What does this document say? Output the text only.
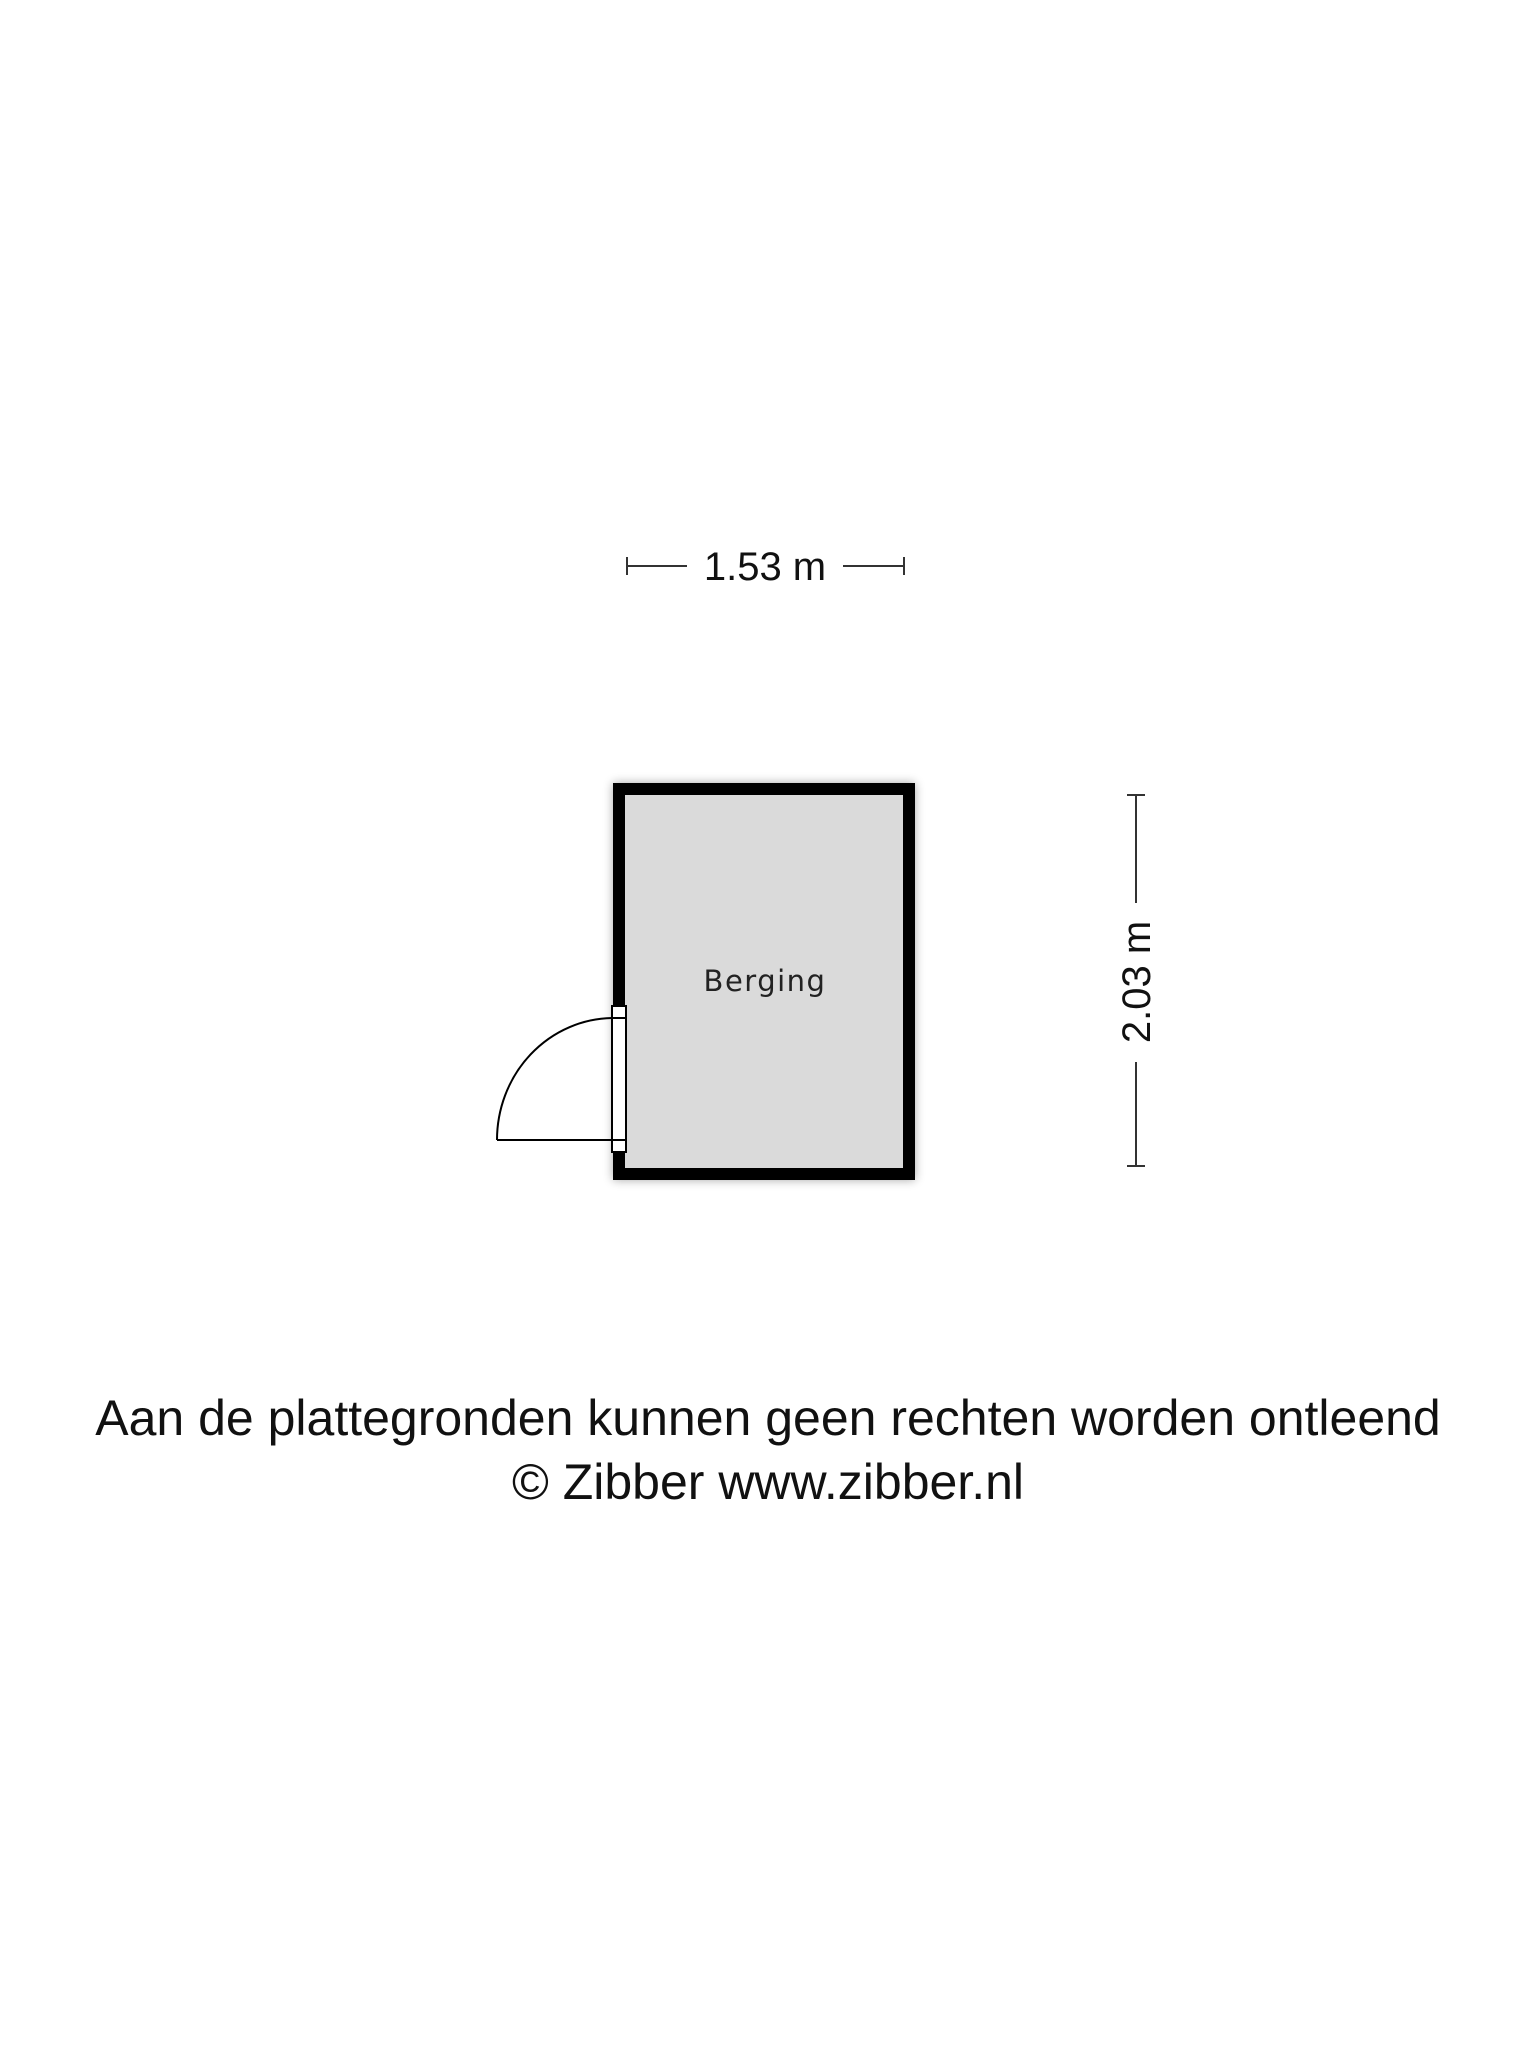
1.53 m
2.03 m
Berging
Aan de plattegronden kunnen geen rechten worden ontleend
© Zibber www.zibber.nl
